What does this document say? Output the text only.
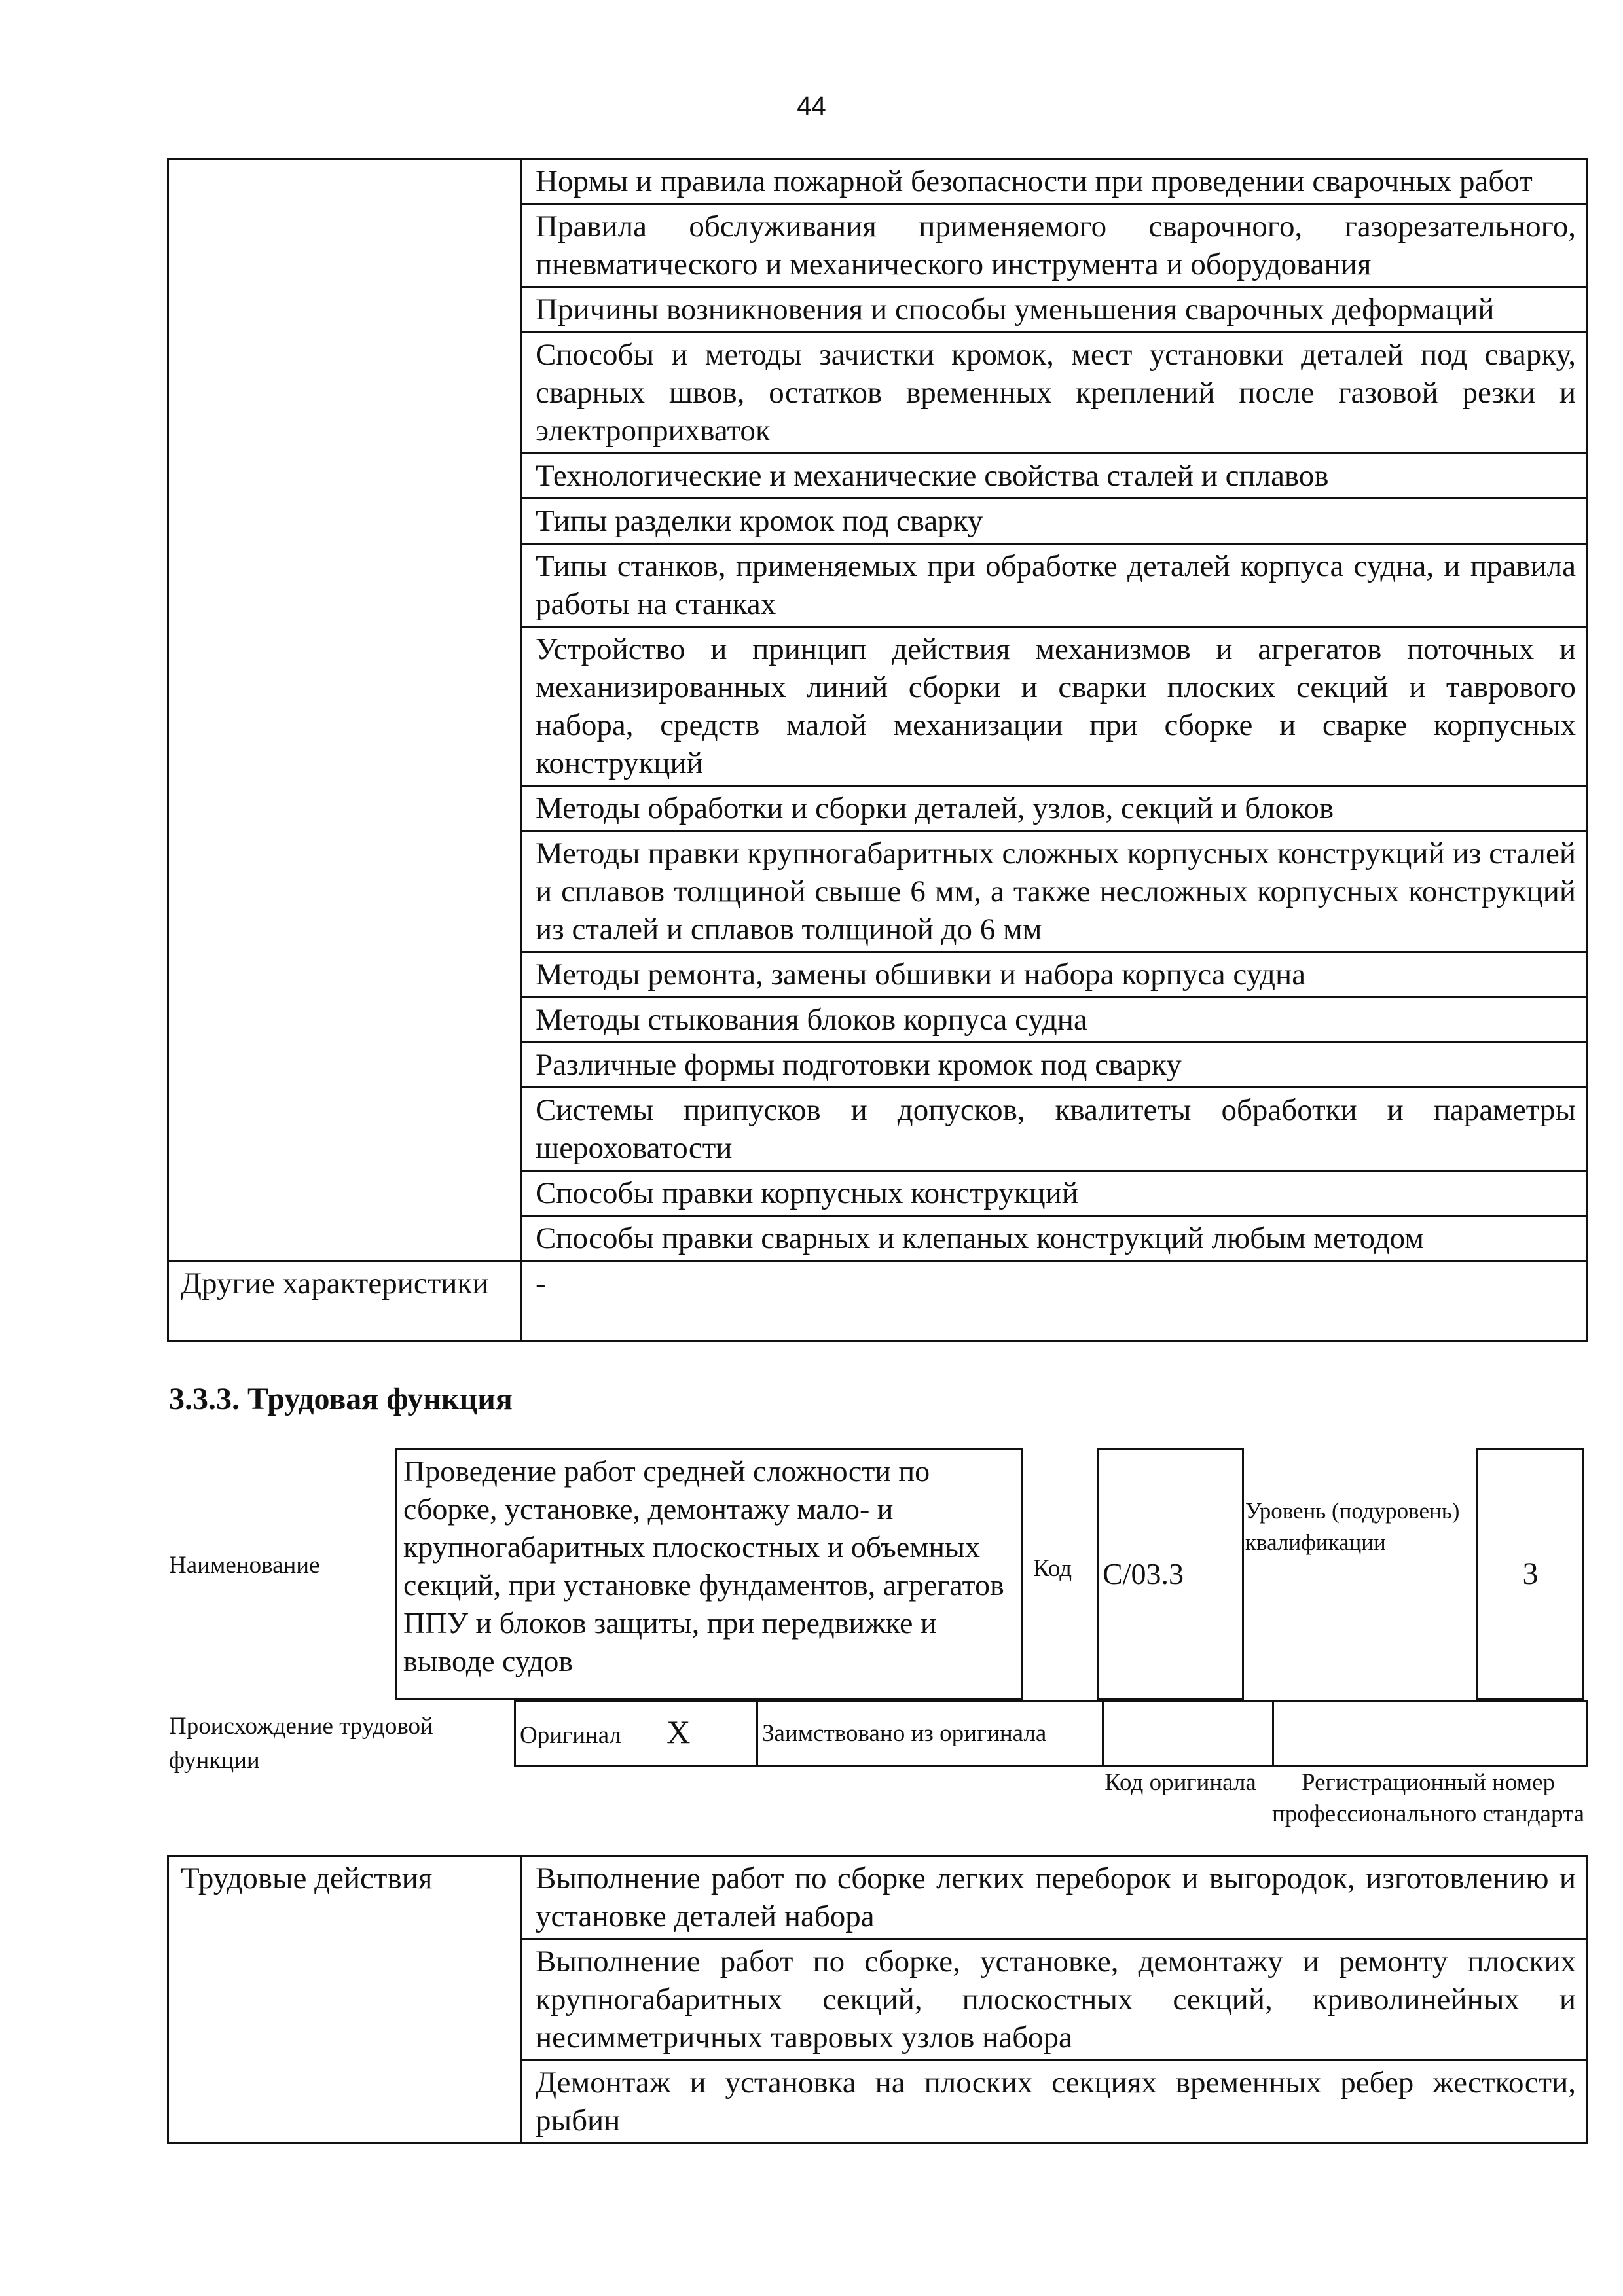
44
	Нормы и правила пожарной безопасности при проведении сварочных работ
	Правила обслуживания применяемого сварочного, газорезательного, пневматического и механического инструмента и оборудования
	Причины возникновения и способы уменьшения сварочных деформаций
	Способы и методы зачистки кромок, мест установки деталей под сварку, сварных швов, остатков временных креплений после газовой резки и электроприхваток
	Технологические и механические свойства сталей и сплавов
	Типы разделки кромок под сварку
	Типы станков, применяемых при обработке деталей корпуса судна, и правила работы на станках
	Устройство и принцип действия механизмов и агрегатов поточных и механизированных линий сборки и сварки плоских секций и таврового набора, средств малой механизации при сборке и сварке корпусных конструкций
	Методы обработки и сборки деталей, узлов, секций и блоков
	Методы правки крупногабаритных сложных корпусных конструкций из сталей и сплавов толщиной свыше 6 мм, а также несложных корпусных конструкций из сталей и сплавов толщиной до 6 мм
	Методы ремонта, замены обшивки и набора корпуса судна
	Методы стыкования блоков корпуса судна
	Различные формы подготовки кромок под сварку
	Системы припусков и допусков, квалитеты обработки и параметры шероховатости
	Способы правки корпусных конструкций
	Способы правки сварных и клепаных конструкций любым методом
Другие характеристики	-
3.3.3. Трудовая функция
Наименование
Проведение работ средней сложности по сборке, установке, демонтажу мало- и крупногабаритных плоскостных и объемных секций, при установке фундаментов, агрегатов ППУ и блоков защиты, при передвижке и выводе судов
Код C/03.3
Уровень (подуровень) квалификации
3
Происхождение трудовой функции
Оригинал X	Заимствовано из оригинала		
Код оригинала	Регистрационный номер профессионального стандарта
Трудовые действия	Выполнение работ по сборке легких переборок и выгородок, изготовлению и установке деталей набора
Выполнение работ по сборке, установке, демонтажу и ремонту плоских крупногабаритных секций, плоскостных секций, криволинейных и несимметричных тавровых узлов набора
Демонтаж и установка на плоских секциях временных ребер жесткости, рыбин
